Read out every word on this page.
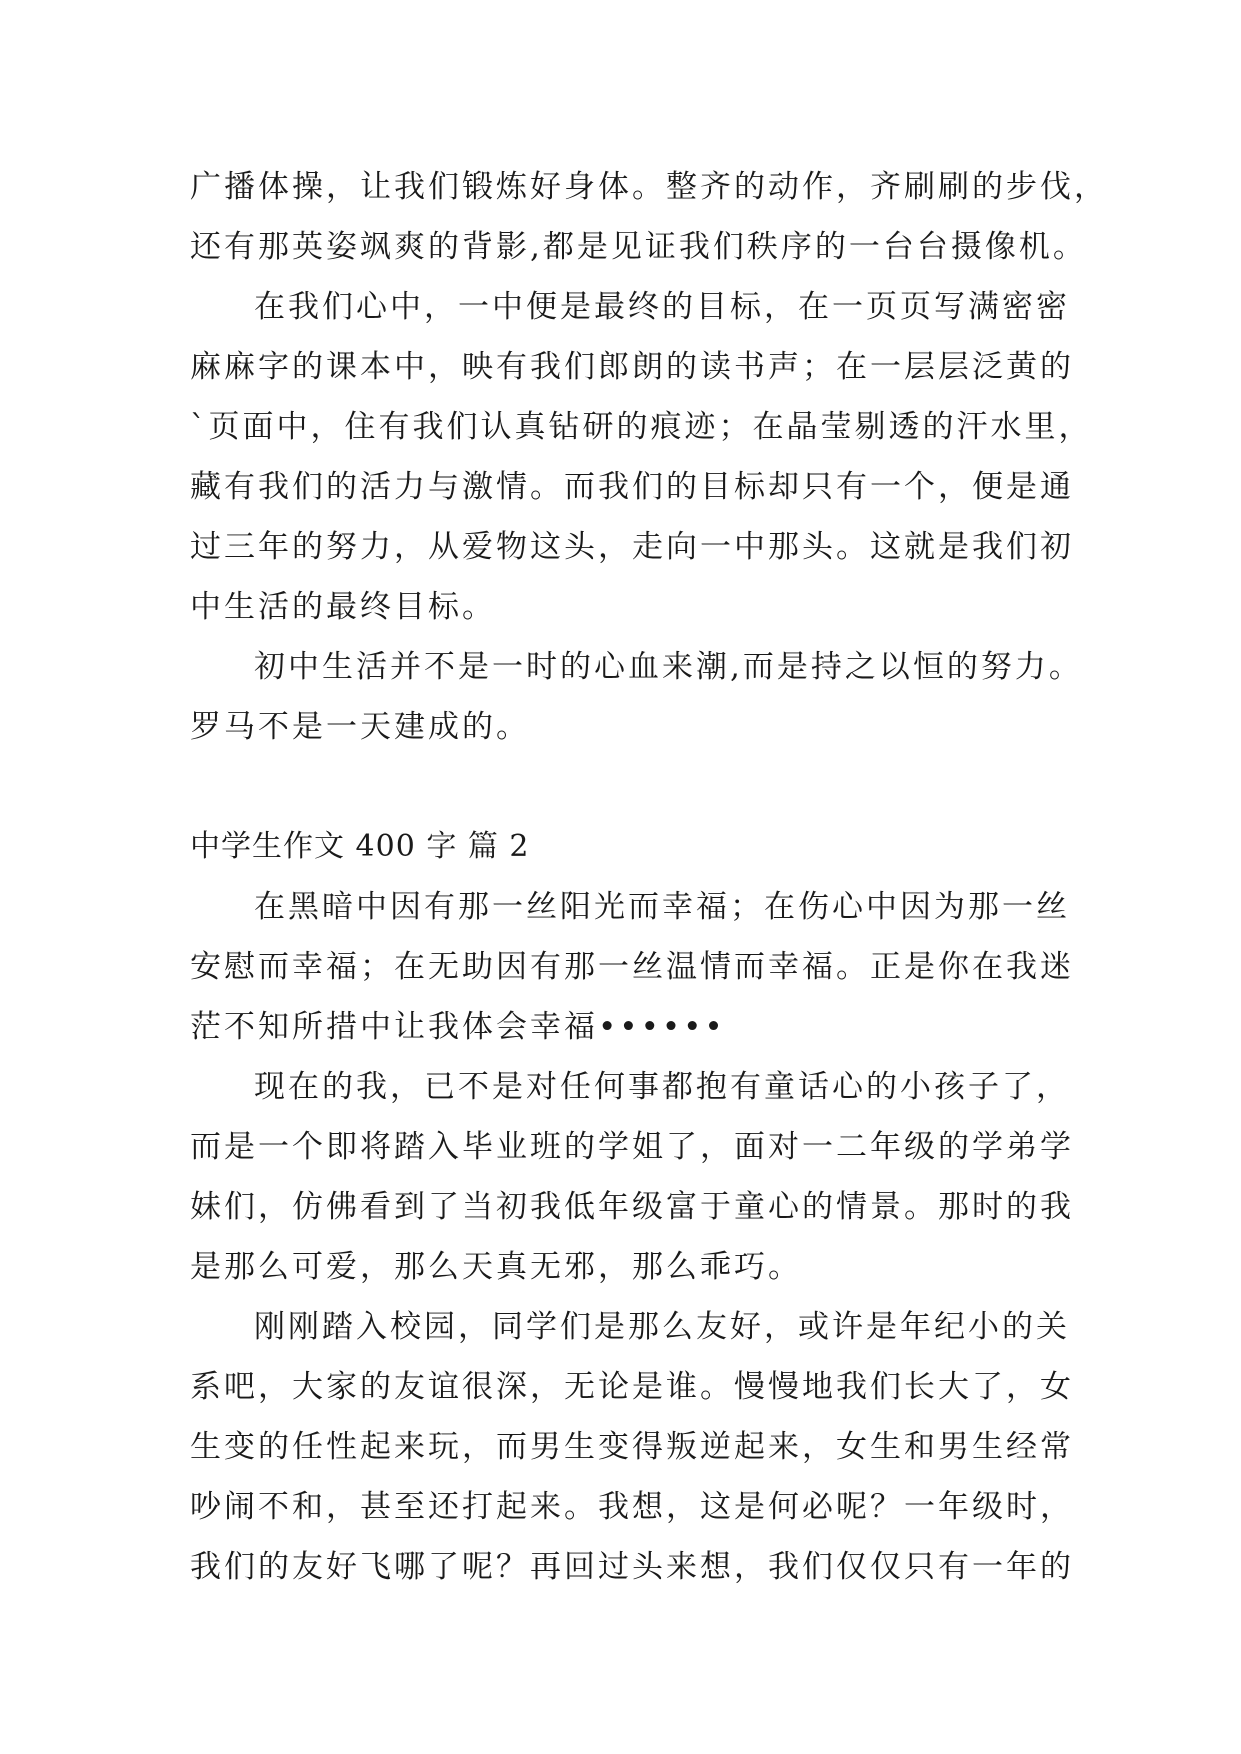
广播体操，让我们锻炼好身体。整齐的动作，齐刷刷的步伐，
还有那英姿飒爽的背影,都是见证我们秩序的一台台摄像机。
在我们心中，一中便是最终的目标，在一页页写满密密
麻麻字的课本中，映有我们郎朗的读书声；在一层层泛黄的
`页面中，住有我们认真钻研的痕迹；在晶莹剔透的汗水里，
藏有我们的活力与激情。而我们的目标却只有一个，便是通
过三年的努力，从爱物这头，走向一中那头。这就是我们初
中生活的最终目标。
初中生活并不是一时的心血来潮,而是持之以恒的努力。
罗马不是一天建成的。
中学生作文 400 字 篇 2
在黑暗中因有那一丝阳光而幸福；在伤心中因为那一丝
安慰而幸福；在无助因有那一丝温情而幸福。正是你在我迷
茫不知所措中让我体会幸福••••••
现在的我，已不是对任何事都抱有童话心的小孩子了，
而是一个即将踏入毕业班的学姐了，面对一二年级的学弟学
妹们，仿佛看到了当初我低年级富于童心的情景。那时的我
是那么可爱，那么天真无邪，那么乖巧。
刚刚踏入校园，同学们是那么友好，或许是年纪小的关
系吧，大家的友谊很深，无论是谁。慢慢地我们长大了，女
生变的任性起来玩，而男生变得叛逆起来，女生和男生经常
吵闹不和，甚至还打起来。我想，这是何必呢？一年级时，
我们的友好飞哪了呢？再回过头来想，我们仅仅只有一年的
